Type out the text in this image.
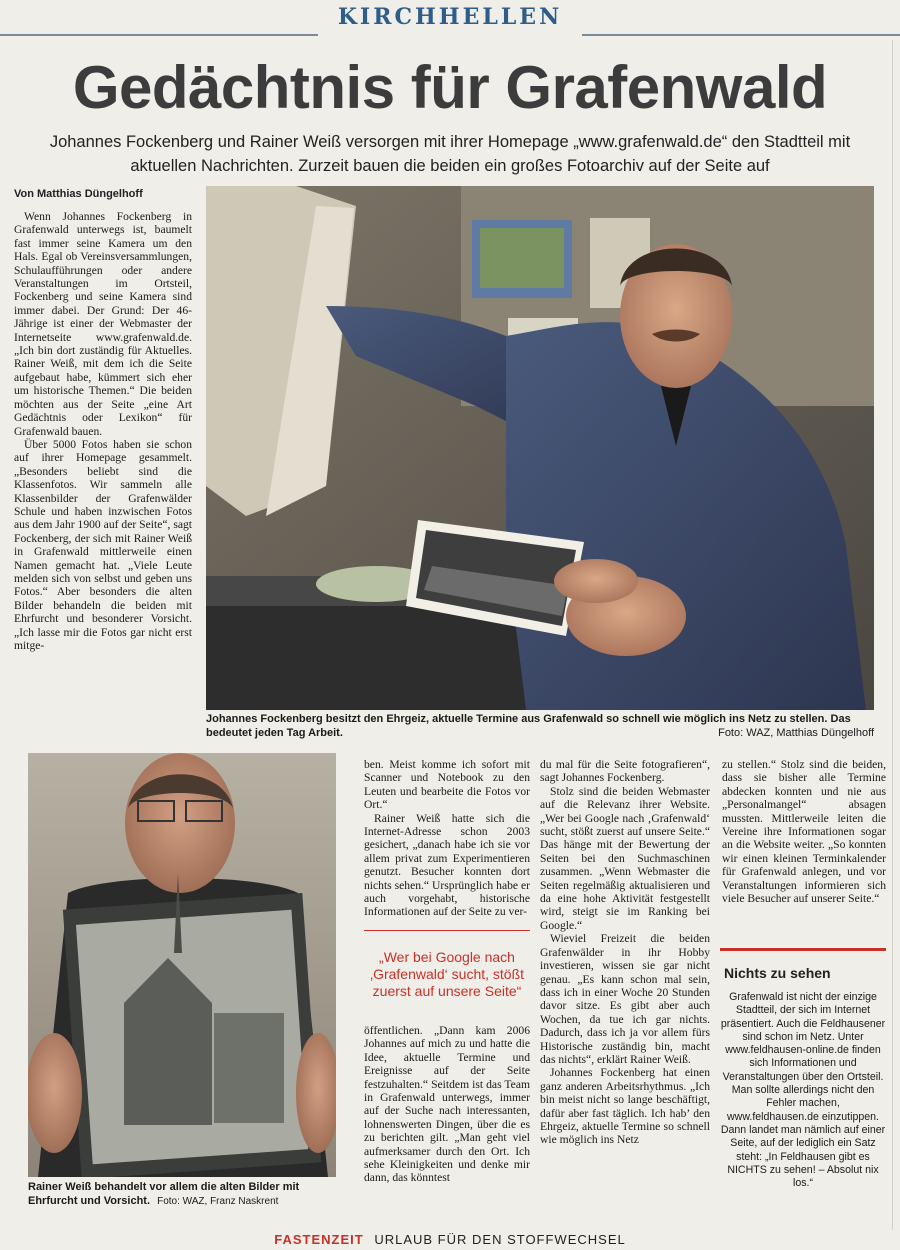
KIRCHHELLEN
Gedächtnis für Grafenwald
Johannes Fockenberg und Rainer Weiß versorgen mit ihrer Homepage „www.grafenwald.de“ den Stadtteil mit aktuellen Nachrichten. Zurzeit bauen die beiden ein großes Fotoarchiv auf der Seite auf
Von Matthias Düngelhoff

Wenn Johannes Fockenberg in Grafenwald unterwegs ist, baumelt fast immer seine Kamera um den Hals. Egal ob Vereinsversammlungen, Schulaufführungen oder andere Veranstaltungen im Ortsteil, Fockenberg und seine Kamera sind immer dabei. Der Grund: Der 46-Jährige ist einer der Webmaster der Internetseite www.grafenwald.de. „Ich bin dort zuständig für Aktuelles. Rainer Weiß, mit dem ich die Seite aufgebaut habe, kümmert sich eher um historische Themen.“ Die beiden möchten aus der Seite „eine Art Gedächtnis oder Lexikon“ für Grafenwald bauen.

Über 5000 Fotos haben sie schon auf ihrer Homepage gesammelt. „Besonders beliebt sind die Klassenfotos. Wir sammeln alle Klassenbilder der Grafenwälder Schule und haben inzwischen Fotos aus dem Jahr 1900 auf der Seite“, sagt Fockenberg, der sich mit Rainer Weiß in Grafenwald mittlerweile einen Namen gemacht hat. „Viele Leute melden sich von selbst und geben uns Fotos.“ Aber besonders die alten Bilder behandeln die beiden mit Ehrfurcht und besonderer Vorsicht. „Ich lasse mir die Fotos gar nicht erst mitge-

Johannes Fockenberg besitzt den Ehrgeiz, aktuelle Termine aus Grafenwald so schnell wie möglich ins Netz zu stellen. Das bedeutet jeden Tag Arbeit.	Foto: WAZ, Matthias Düngelhoff
Rainer Weiß behandelt vor allem die alten Bilder mit Ehrfurcht und Vorsicht. Foto: WAZ, Franz Naskrent

ben. Meist komme ich sofort mit Scanner und Notebook zu den Leuten und bearbeite die Fotos vor Ort.“

Rainer Weiß hatte sich die Internet-Adresse schon 2003 gesichert, „danach habe ich sie vor allem privat zum Experimentieren genutzt. Besucher konnten dort nichts sehen.“ Ursprünglich habe er auch vorgehabt, historische Informationen auf der Seite zu ver-

„Wer bei Google nach ‚Grafenwald‘ sucht, stößt zuerst auf unsere Seite“

öffentlichen. „Dann kam 2006 Johannes auf mich zu und hatte die Idee, aktuelle Termine und Ereignisse auf der Seite festzuhalten.“ Seitdem ist das Team in Grafenwald unterwegs, immer auf der Suche nach interessanten, lohnenswerten Dingen, über die es zu berichten gilt. „Man geht viel aufmerksamer durch den Ort. Ich sehe Kleinigkeiten und denke mir dann, das könntest

du mal für die Seite fotografieren“, sagt Johannes Fockenberg.

Stolz sind die beiden Webmaster auf die Relevanz ihrer Website. „Wer bei Google nach ‚Grafenwald‘ sucht, stößt zuerst auf unsere Seite.“ Das hänge mit der Bewertung der Seiten bei den Suchmaschinen zusammen. „Wenn Webmaster die Seiten regelmäßig aktualisieren und da eine hohe Aktivität festgestellt wird, steigt sie im Ranking bei Google.“

Wieviel Freizeit die beiden Grafenwälder in ihr Hobby investieren, wissen sie gar nicht genau. „Es kann schon mal sein, dass ich in einer Woche 20 Stunden davor sitze. Es gibt aber auch Wochen, da tue ich gar nichts. Dadurch, dass ich ja vor allem fürs Historische zuständig bin, macht das nichts“, erklärt Rainer Weiß.

Johannes Fockenberg hat einen ganz anderen Arbeitsrhythmus. „Ich bin meist nicht so lange beschäftigt, dafür aber fast täglich. Ich hab’ den Ehrgeiz, aktuelle Termine so schnell wie möglich ins Netz

zu stellen.“ Stolz sind die beiden, dass sie bisher alle Termine abdecken konnten und nie aus „Personalmangel“ absagen mussten. Mittlerweile leiten die Vereine ihre Informationen sogar an die Website weiter. „So konnten wir einen kleinen Terminkalender für Grafenwald anlegen, und vor Veranstaltungen informieren sich viele Besucher auf unserer Seite.“

Nichts zu sehen
Grafenwald ist nicht der einzige Stadtteil, der sich im Internet präsentiert. Auch die Feldhausener sind schon im Netz. Unter www.feldhausen-online.de finden sich Informationen und Veranstaltungen über den Ortsteil. Man sollte allerdings nicht den Fehler machen, www.feldhausen.de einzutippen. Dann landet man nämlich auf einer Seite, auf der lediglich ein Satz steht: „In Feldhausen gibt es NICHTS zu sehen! – Absolut nix los.“
FASTENZEIT URLAUB FÜR DEN STOFFWECHSEL
